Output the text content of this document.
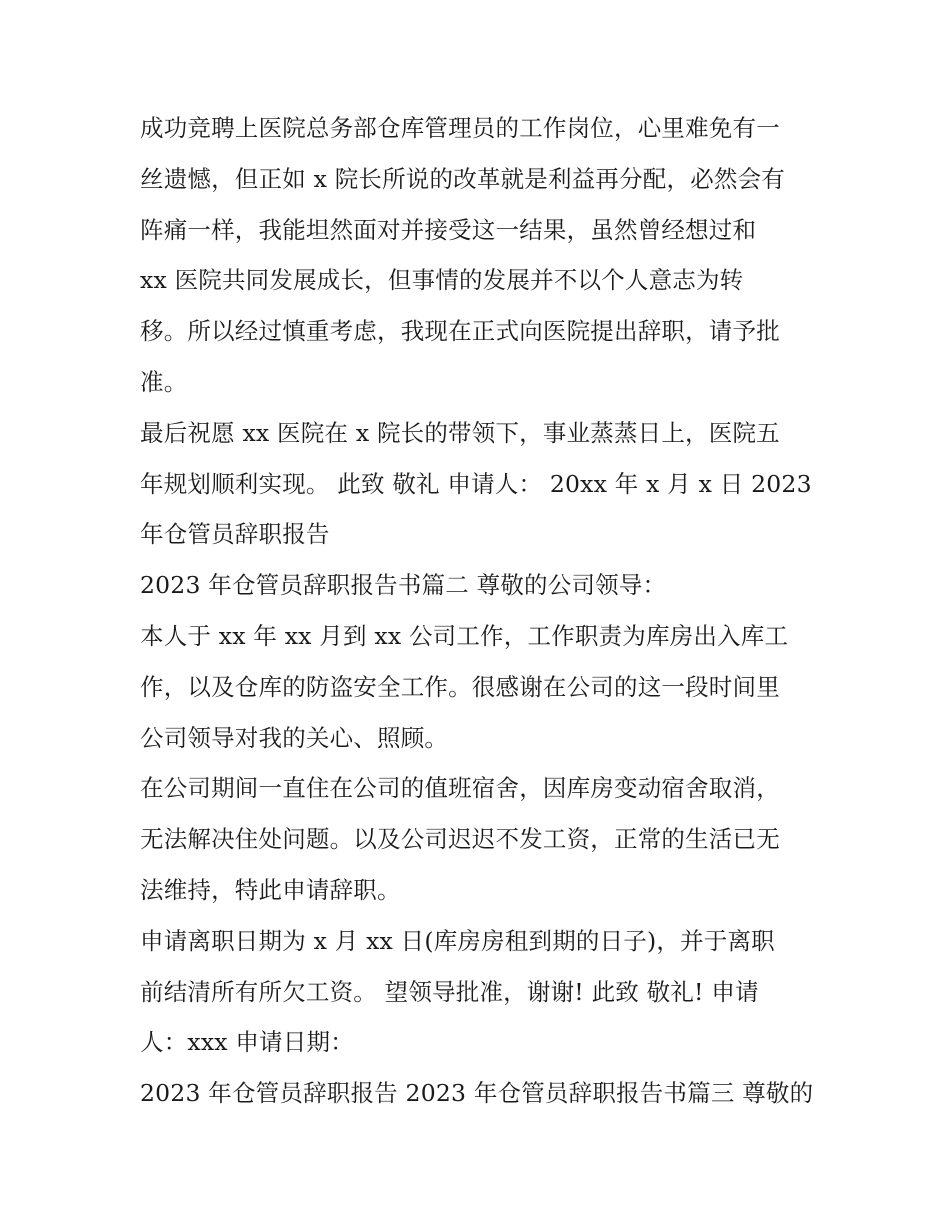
成功竞聘上医院总务部仓库管理员的工作岗位，心里难免有一
丝遗憾，但正如 x 院长所说的改革就是利益再分配，必然会有
阵痛一样，我能坦然面对并接受这一结果，虽然曾经想过和
xx 医院共同发展成长，但事情的发展并不以个人意志为转
移。所以经过慎重考虑，我现在正式向医院提出辞职，请予批
准。
最后祝愿 xx 医院在 x 院长的带领下，事业蒸蒸日上，医院五
年规划顺利实现。 此致 敬礼 申请人： 20xx 年 x 月 x 日 2023
年仓管员辞职报告
2023 年仓管员辞职报告书篇二 尊敬的公司领导：
本人于 xx 年 xx 月到 xx 公司工作，工作职责为库房出入库工
作，以及仓库的防盗安全工作。很感谢在公司的这一段时间里
公司领导对我的关心、照顾。
在公司期间一直住在公司的值班宿舍，因库房变动宿舍取消，
无法解决住处问题。以及公司迟迟不发工资，正常的生活已无
法维持，特此申请辞职。
申请离职日期为 x 月 xx 日(库房房租到期的日子)，并于离职
前结清所有所欠工资。 望领导批准，谢谢! 此致 敬礼! 申请
人：xxx 申请日期：
2023 年仓管员辞职报告 2023 年仓管员辞职报告书篇三 尊敬的
